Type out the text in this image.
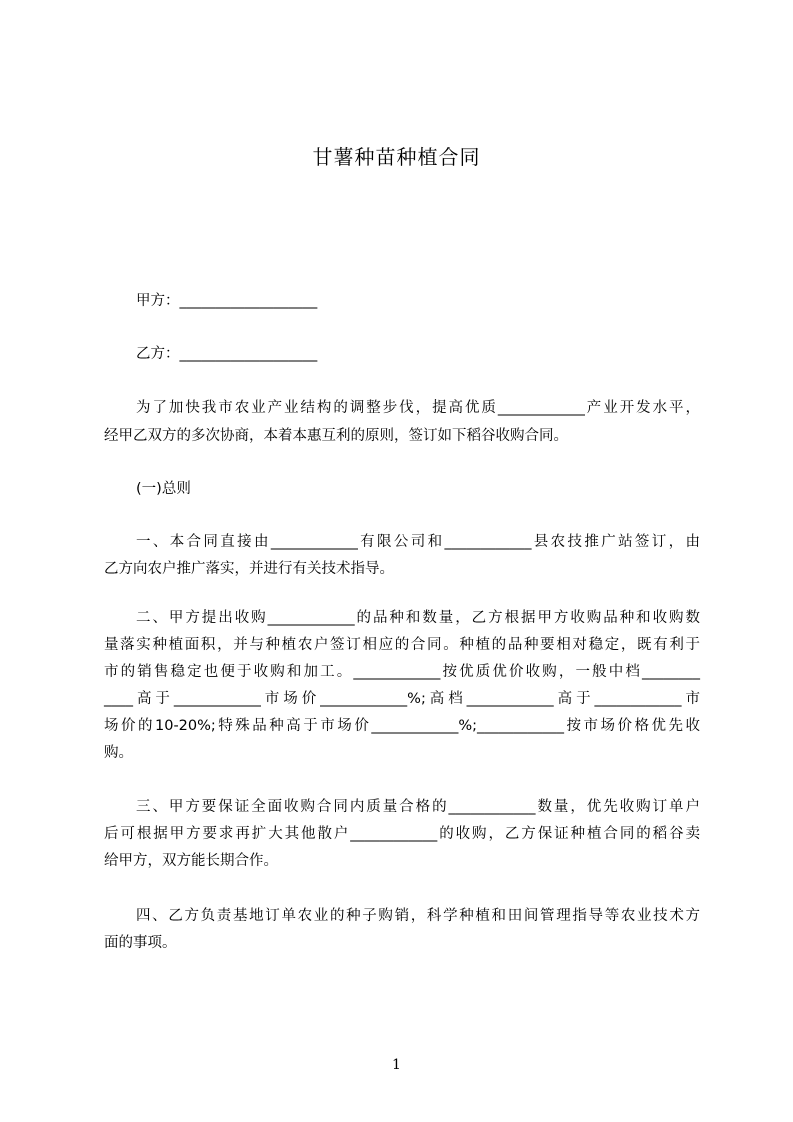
甘薯种苗种植合同
甲方：___________________
乙方：___________________
为了加快我市农业产业结构的调整步伐，提高优质____________产业开发水平，
经甲乙双方的多次协商，本着本惠互利的原则，签订如下稻谷收购合同。
(一)总则
一、本合同直接由____________有限公司和____________县农技推广站签订，由
乙方向农户推广落实，并进行有关技术指导。
二、甲方提出收购____________的品种和数量，乙方根据甲方收购品种和收购数
量落实种植面积，并与种植农户签订相应的合同。种植的品种要相对稳定，既有利于
市的销售稳定也便于收购和加工。____________按优质优价收购，一般中档________
____高于____________市场价____________%;高档____________高于____________市
场价的10-20%;特殊品种高于市场价____________%;____________按市场价格优先收
购。
三、甲方要保证全面收购合同内质量合格的____________数量，优先收购订单户
后可根据甲方要求再扩大其他散户____________的收购，乙方保证种植合同的稻谷卖
给甲方，双方能长期合作。
四、乙方负责基地订单农业的种子购销，科学种植和田间管理指导等农业技术方
面的事项。
1
